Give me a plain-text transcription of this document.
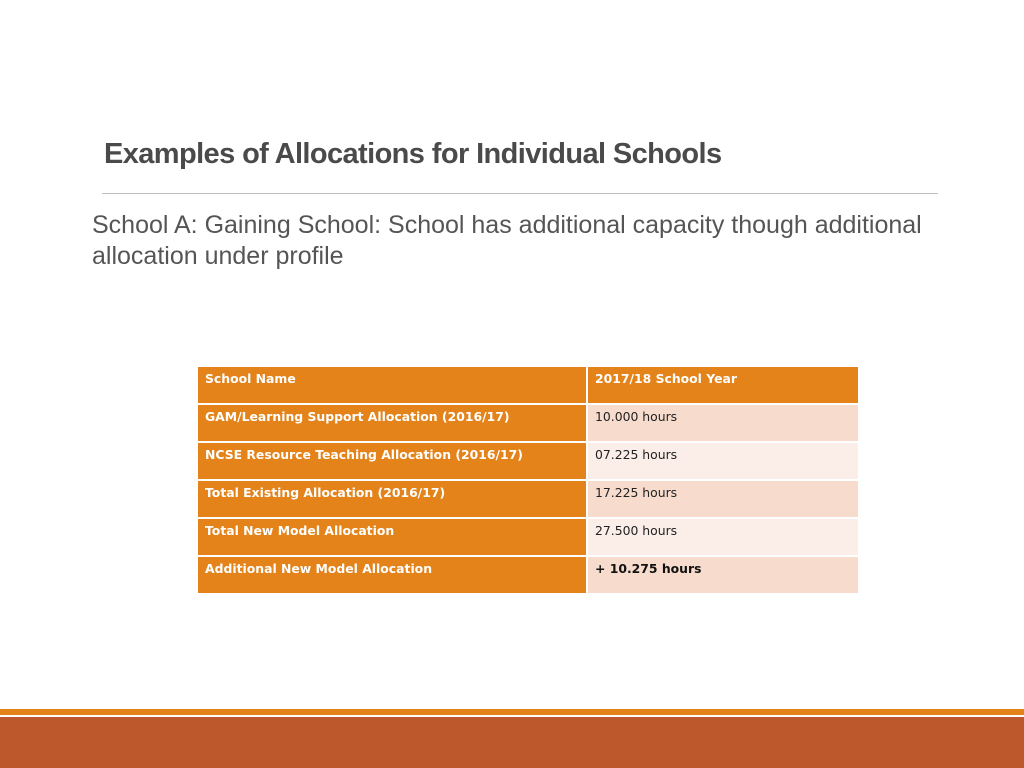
Examples of Allocations for Individual Schools

School A: Gaining School: School has additional capacity though additional allocation under profile

School Name	2017/18 School Year
GAM/Learning Support Allocation (2016/17)	10.000 hours
NCSE Resource Teaching Allocation (2016/17)	07.225 hours
Total Existing Allocation (2016/17)	17.225 hours
Total New Model Allocation	27.500 hours
Additional New Model Allocation	+ 10.275 hours
